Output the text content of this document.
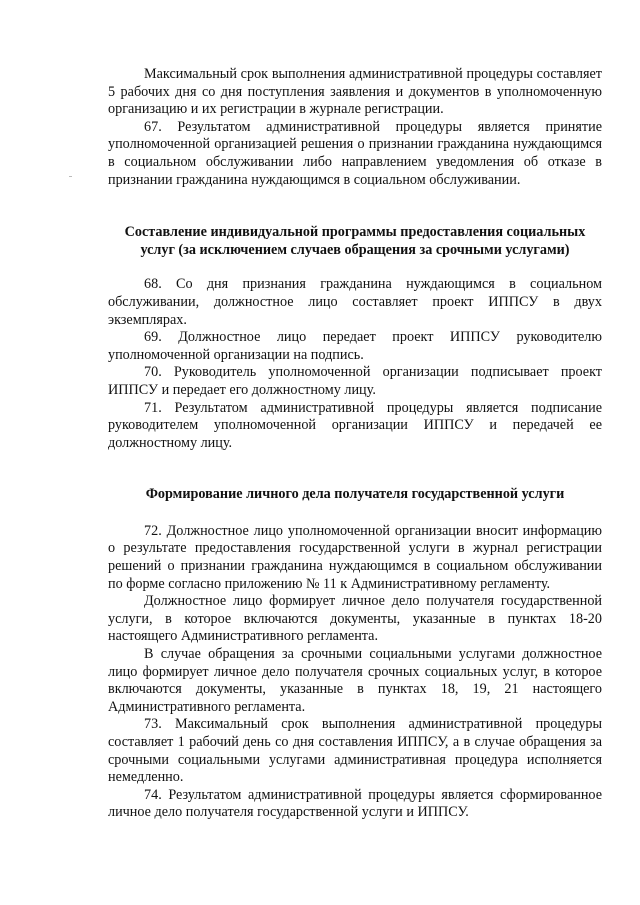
Максимальный срок выполнения административной процедуры составляет 5 рабочих дня со дня поступления заявления и документов в уполномоченную организацию и их регистрации в журнале регистрации.

67. Результатом административной процедуры является принятие уполномоченной организацией решения о признании гражданина нуждающимся в социальном обслуживании либо направлением уведомления об отказе в признании гражданина нуждающимся в социальном обслуживании.

Составление индивидуальной программы предоставления социальных услуг (за исключением случаев обращения за срочными услугами)

68. Со дня признания гражданина нуждающимся в социальном обслуживании, должностное лицо составляет проект ИППСУ в двух экземплярах.

69. Должностное лицо передает проект ИППСУ руководителю уполномоченной организации на подпись.

70. Руководитель уполномоченной организации подписывает проект ИППСУ и передает его должностному лицу.

71. Результатом административной процедуры является подписание руководителем уполномоченной организации ИППСУ и передачей ее должностному лицу.

Формирование личного дела получателя государственной услуги

72. Должностное лицо уполномоченной организации вносит информацию о результате предоставления государственной услуги в журнал регистрации решений о признании гражданина нуждающимся в социальном обслуживании по форме согласно приложению № 11 к Административному регламенту.

Должностное лицо формирует личное дело получателя государственной услуги, в которое включаются документы, указанные в пунктах 18-20 настоящего Административного регламента.

В случае обращения за срочными социальными услугами должностное лицо формирует личное дело получателя срочных социальных услуг, в которое включаются документы, указанные в пунктах 18, 19, 21 настоящего Административного регламента.

73. Максимальный срок выполнения административной процедуры составляет 1 рабочий день со дня составления ИППСУ, а в случае обращения за срочными социальными услугами административная процедура исполняется немедленно.

74. Результатом административной процедуры является сформированное личное дело получателя государственной услуги и ИППСУ.
